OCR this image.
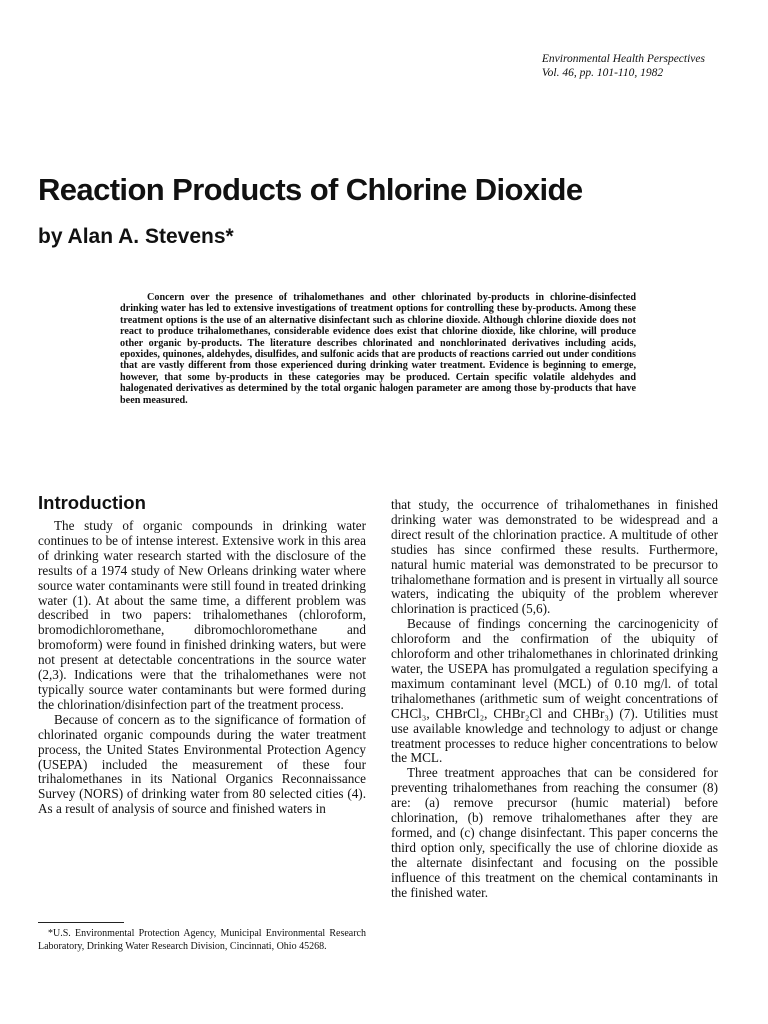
Environmental Health Perspectives
Vol. 46, pp. 101-110, 1982
Reaction Products of Chlorine Dioxide
by Alan A. Stevens*

Concern over the presence of trihalomethanes and other chlorinated by-products in chlorine-disinfected drinking water has led to extensive investigations of treatment options for controlling these by-products. Among these treatment options is the use of an alternative disinfectant such as chlorine dioxide. Although chlorine dioxide does not react to produce trihalomethanes, considerable evidence does exist that chlorine dioxide, like chlorine, will produce other organic by-products. The literature describes chlorinated and nonchlorinated derivatives including acids, epoxides, quinones, aldehydes, disulfides, and sulfonic acids that are products of reactions carried out under conditions that are vastly different from those experienced during drinking water treatment. Evidence is beginning to emerge, however, that some by-products in these categories may be produced. Certain specific volatile aldehydes and halogenated derivatives as determined by the total organic halogen parameter are among those by-products that have been measured.

Introduction

The study of organic compounds in drinking water continues to be of intense interest. Extensive work in this area of drinking water research started with the disclosure of the results of a 1974 study of New Orleans drinking water where source water contaminants were still found in treated drinking water (1). At about the same time, a different problem was described in two papers: trihalomethanes (chloroform, bromodichloromethane, dibromochloromethane and bromoform) were found in finished drinking waters, but were not present at detectable concentrations in the source water (2,3). Indications were that the trihalomethanes were not typically source water contaminants but were formed during the chlorination/disinfection part of the treatment process.

Because of concern as to the significance of formation of chlorinated organic compounds during the water treatment process, the United States Environmental Protection Agency (USEPA) included the measurement of these four trihalomethanes in its National Organics Reconnaissance Survey (NORS) of drinking water from 80 selected cities (4). As a result of analysis of source and finished waters in

that study, the occurrence of trihalomethanes in finished drinking water was demonstrated to be widespread and a direct result of the chlorination practice. A multitude of other studies has since confirmed these results. Furthermore, natural humic material was demonstrated to be precursor to trihalomethane formation and is present in virtually all source waters, indicating the ubiquity of the problem wherever chlorination is practiced (5,6).

Because of findings concerning the carcinogenicity of chloroform and the confirmation of the ubiquity of chloroform and other trihalomethanes in chlorinated drinking water, the USEPA has promulgated a regulation specifying a maximum contaminant level (MCL) of 0.10 mg/l. of total trihalomethanes (arithmetic sum of weight concentrations of CHCl₃, CHBrCl₂, CHBr₂Cl and CHBr₃) (7). Utilities must use available knowledge and technology to adjust or change treatment processes to reduce higher concentrations to below the MCL.

Three treatment approaches that can be considered for preventing trihalomethanes from reaching the consumer (8) are: (a) remove precursor (humic material) before chlorination, (b) remove trihalomethanes after they are formed, and (c) change disinfectant. This paper concerns the third option only, specifically the use of chlorine dioxide as the alternate disinfectant and focusing on the possible influence of this treatment on the chemical contaminants in the finished water.

*U.S. Environmental Protection Agency, Municipal Environmental Research Laboratory, Drinking Water Research Division, Cincinnati, Ohio 45268.
